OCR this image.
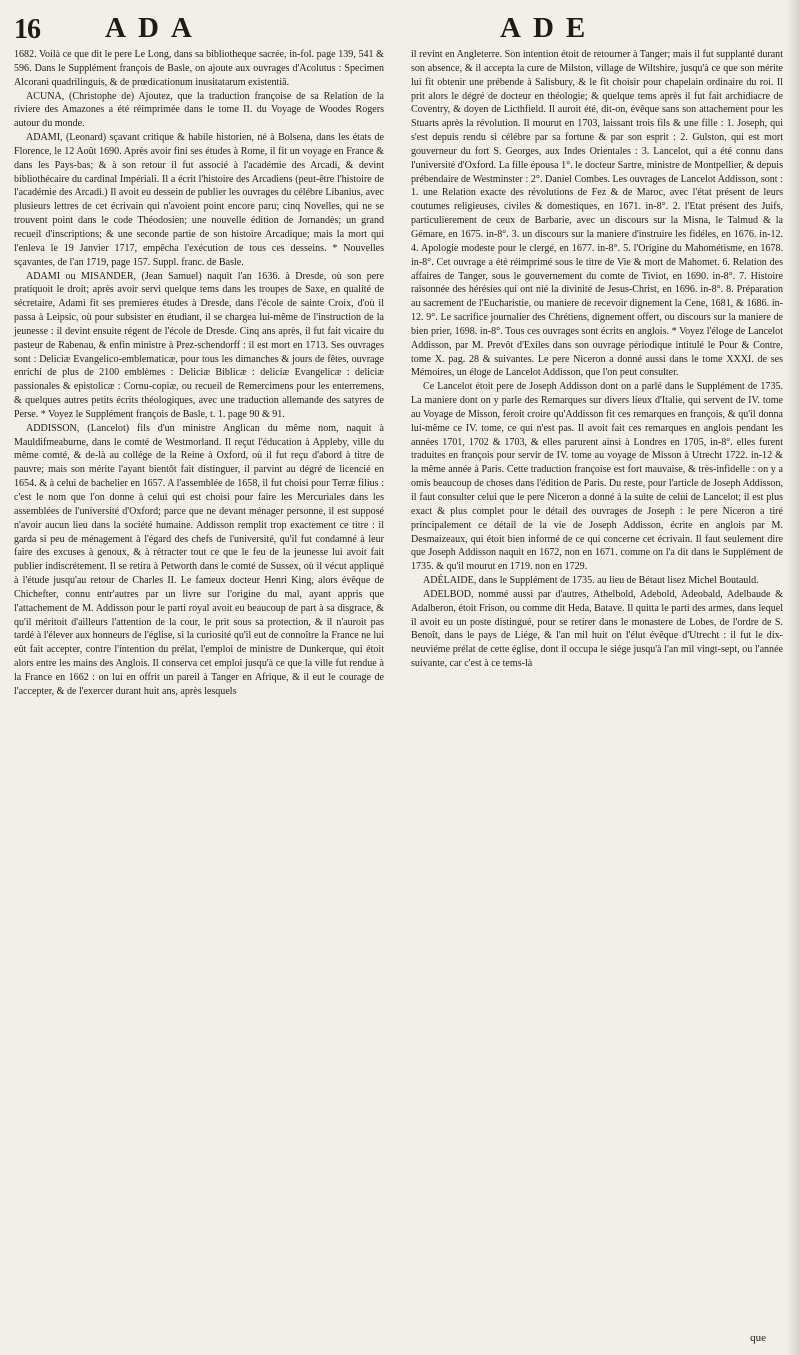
16 ADA	ADE

1682. Voilà ce que dit le pere Le Long, dans sa bibliotheque sacrée, in-fol. page 139, 541 & 596. Dans le Supplément françois de Basle, on ajoute aux ouvrages d'Acolutus : Specimen Alcorani quadrilinguis, & de prœdicationum inusitatarum existentiâ.

ACUNA, (Christophe de) Ajoutez, que la traduction françoise de sa Relation de la riviere des Amazones a été réimprimée dans le tome II. du Voyage de Woodes Rogers autour du monde.

ADAMI, (Leonard) sçavant critique & habile historien, né à Bolsena, dans les états de Florence, le 12 Août 1690. Après avoir fini ses études à Rome, il fit un voyage en France & dans les Pays-bas; & à son retour il fut associé à l'académie des Arcadi, & devint bibliothécaire du cardinal Impériali. Il a écrit l'histoire des Arcadiens (peut-être l'histoire de l'académie des Arcadi.) Il avoit eu dessein de publier les ouvrages du célébre Libanius, avec plusieurs lettres de cet écrivain qui n'avoient point encore paru; cinq Novelles, qui ne se trouvent point dans le code Théodosien; une nouvelle édition de Jornandès; un grand recueil d'inscriptions; & une seconde partie de son histoire Arcadique; mais la mort qui l'enleva le 19 Janvier 1717, empêcha l'exécution de tous ces desseins. * Nouvelles sçavantes, de l'an 1719, page 157. Suppl. franc. de Basle.

ADAMI ou MISANDER, (Jean Samuel) naquit l'an 1636. à Dresde, où son pere pratiquoit le droit; après avoir servi quelque tems dans les troupes de Saxe, en qualité de sécretaire, Adami fit ses premieres études à Dresde, dans l'école de sainte Croix, d'où il passa à Leipsic, où pour subsister en étudiant, il se chargea lui-même de l'instruction de la jeunesse : il devint ensuite régent de l'école de Dresde. Cinq ans après, il fut fait vicaire du pasteur de Rabenau, & enfin ministre à Prez-schendorff : il est mort en 1713. Ses ouvrages sont : Deliciæ Evangelico-emblematicæ, pour tous les dimanches & jours de fêtes, ouvrage enrichi de plus de 2100 emblèmes : Deliciæ Biblicæ : deliciæ Evangelicæ : deliciæ passionales & epistolicæ : Cornu-copiæ, ou recueil de Remercimens pour les enterremens, & quelques autres petits écrits théologiques, avec une traduction allemande des satyres de Perse. * Voyez le Supplément françois de Basle, t. 1. page 90 & 91.

ADDISSON, (Lancelot) fils d'un ministre Anglican du même nom, naquit à Mauldifmeaburne, dans le comté de Westmorland. Il reçut l'éducation à Appleby, ville du même comté, & de-là au collége de la Reine à Oxford, où il fut reçu d'abord à titre de pauvre; mais son mérite l'ayant bientôt fait distinguer, il parvint au dégré de licencié en 1654. & à celui de bachelier en 1657. A l'assemblée de 1658, il fut choisi pour Terræ filius : c'est le nom que l'on donne à celui qui est choisi pour faire les Mercuriales dans les assemblées de l'université d'Oxford; parce que ne devant ménager personne, il est supposé n'avoir aucun lieu dans la société humaine. Addisson remplit trop exactement ce titre : il garda si peu de ménagement à l'égard des chefs de l'université, qu'il fut condamné à leur faire des excuses à genoux, & à rétracter tout ce que le feu de la jeunesse lui avoit fait publier indiscrétement. Il se retira à Petworth dans le comté de Sussex, où il vécut appliqué à l'étude jusqu'au retour de Charles II. Le fameux docteur Henri King, alors évêque de Chichefter, connu entr'autres par un livre sur l'origine du mal, ayant appris que l'attachement de M. Addisson pour le parti royal avoit eu beaucoup de part à sa disgrace, & qu'il méritoit d'ailleurs l'attention de la cour, le prit sous sa protection, & il n'auroit pas tardé à l'élever aux honneurs de l'église, si la curiosité qu'il eut de connoître la France ne lui eût fait accepter, contre l'intention du prélat, l'emploi de ministre de Dunkerque, qui étoit alors entre les mains des Anglois. Il conserva cet emploi jusqu'à ce que la ville fut rendue à la France en 1662 : on lui en offrit un pareil à Tanger en Afrique, & il eut le courage de l'accepter, & de l'exercer durant huit ans, après lesquels

il revint en Angleterre. Son intention étoit de retourner à Tanger; mais il fut supplanté durant son absence, & il accepta la cure de Milston, village de Wiltshire, jusqu'à ce que son mérite lui fit obtenir une prébende à Salisbury, & le fit choisir pour chapelain ordinaire du roi. Il prit alors le dégré de docteur en théologie; & quelque tems après il fut fait archidiacre de Coventry, & doyen de Licthfield. Il auroit été, dit-on, évêque sans son attachement pour les Stuarts après la révolution. Il mourut en 1703, laissant trois fils & une fille : 1. Joseph, qui s'est depuis rendu si célébre par sa fortune & par son esprit : 2. Gulston, qui est mort gouverneur du fort S. Georges, aux Indes Orientales : 3. Lancelot, qui a été connu dans l'université d'Oxford. La fille épousa 1°. le docteur Sartre, ministre de Montpellier, & depuis prébendaire de Westminster : 2°. Daniel Combes. Les ouvrages de Lancelot Addisson, sont : 1. une Relation exacte des révolutions de Fez & de Maroc, avec l'état présent de leurs coutumes religieuses, civiles & domestiques, en 1671. in-8°. 2. l'Etat présent des Juifs, particulierement de ceux de Barbarie, avec un discours sur la Misna, le Talmud & la Gémare, en 1675. in-8°. 3. un discours sur la maniere d'instruire les fidéles, en 1676. in-12. 4. Apologie modeste pour le clergé, en 1677. in-8°. 5. l'Origine du Mahométisme, en 1678. in-8°. Cet ouvrage a été réimprimé sous le titre de Vie & mort de Mahomet. 6. Relation des affaires de Tanger, sous le gouvernement du comte de Tiviot, en 1690. in-8°. 7. Histoire raisonnée des hérésies qui ont nié la divinité de Jesus-Christ, en 1696. in-8°. 8. Préparation au sacrement de l'Eucharistie, ou maniere de recevoir dignement la Cene, 1681, & 1686. in-12. 9°. Le sacrifice journalier des Chrétiens, dignement offert, ou discours sur la maniere de bien prier, 1698. in-8°. Tous ces ouvrages sont écrits en anglois. * Voyez l'éloge de Lancelot Addisson, par M. Prevôt d'Exiles dans son ouvrage périodique intitulé le Pour & Contre, tome X. pag. 28 & suivantes. Le pere Niceron a donné aussi dans le tome XXXI. de ses Mémoires, un éloge de Lancelot Addisson, que l'on peut consulter.

Ce Lancelot étoit pere de Joseph Addisson dont on a parlé dans le Supplément de 1735. La maniere dont on y parle des Remarques sur divers lieux d'Italie, qui servent de IV. tome au Voyage de Misson, feroit croire qu'Addisson fit ces remarques en françois, & qu'il donna lui-même ce IV. tome, ce qui n'est pas. Il avoit fait ces remarques en anglois pendant les années 1701, 1702 & 1703, & elles parurent ainsi à Londres en 1705, in-8°. elles furent traduites en françois pour servir de IV. tome au voyage de Misson à Utrecht 1722. in-12 & la même année à Paris. Cette traduction françoise est fort mauvaise, & très-infidelle : on y a omis beaucoup de choses dans l'édition de Paris. Du reste, pour l'article de Joseph Addisson, il faut consulter celui que le pere Niceron a donné à la suite de celui de Lancelot; il est plus exact & plus complet pour le détail des ouvrages de Joseph : le pere Niceron a tiré principalement ce détail de la vie de Joseph Addisson, écrite en anglois par M. Desmaizeaux, qui étoit bien informé de ce qui concerne cet écrivain. Il faut seulement dire que Joseph Addisson naquit en 1672, non en 1671. comme on l'a dit dans le Supplément de 1735. & qu'il mourut en 1719. non en 1729.

ADÉLAIDE, dans le Supplément de 1735. au lieu de Bétaut lisez Michel Boutauld.

ADELBOD, nommé aussi par d'autres, Athelbold, Adebold, Adeobald, Adelbaude & Adalberon, étoit Frison, ou comme dit Heda, Batave. Il quitta le parti des armes, dans lequel il avoit eu un poste distingué, pour se retirer dans le monastere de Lobes, de l'ordre de S. Benoît, dans le pays de Liége, & l'an mil huit on l'élut évêque d'Utrecht : il fut le dix-neuviéme prélat de cette église, dont il occupa le siége jusqu'à l'an mil vingt-sept, ou l'année suivante, car c'est à ce tems-là

que
